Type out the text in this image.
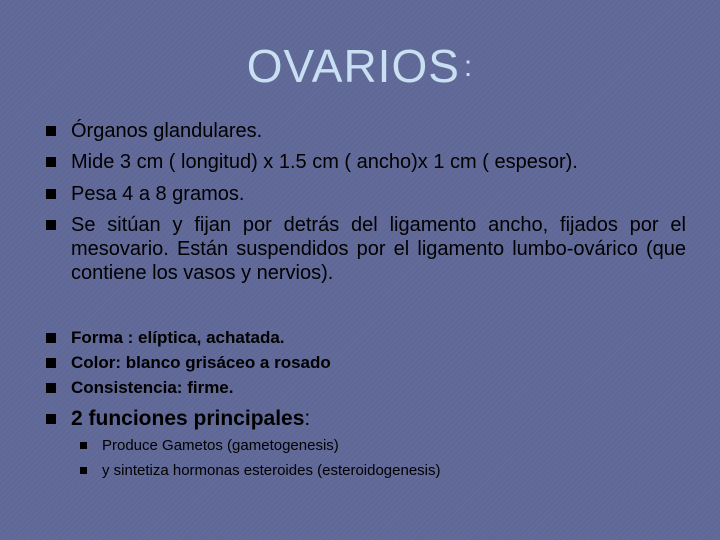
OVARIOS :
Órganos glandulares.
Mide 3 cm ( longitud) x 1.5 cm ( ancho)x 1 cm ( espesor).
Pesa 4 a 8 gramos.
Se sitúan y fijan por detrás del ligamento ancho, fijados por el mesovario. Están suspendidos por el ligamento lumbo-ovárico (que contiene los vasos y nervios).
Forma : elíptica, achatada.
Color: blanco grisáceo a rosado
Consistencia: firme.
2 funciones principales:
Produce Gametos (gametogenesis)
y sintetiza hormonas esteroides (esteroidogenesis)
